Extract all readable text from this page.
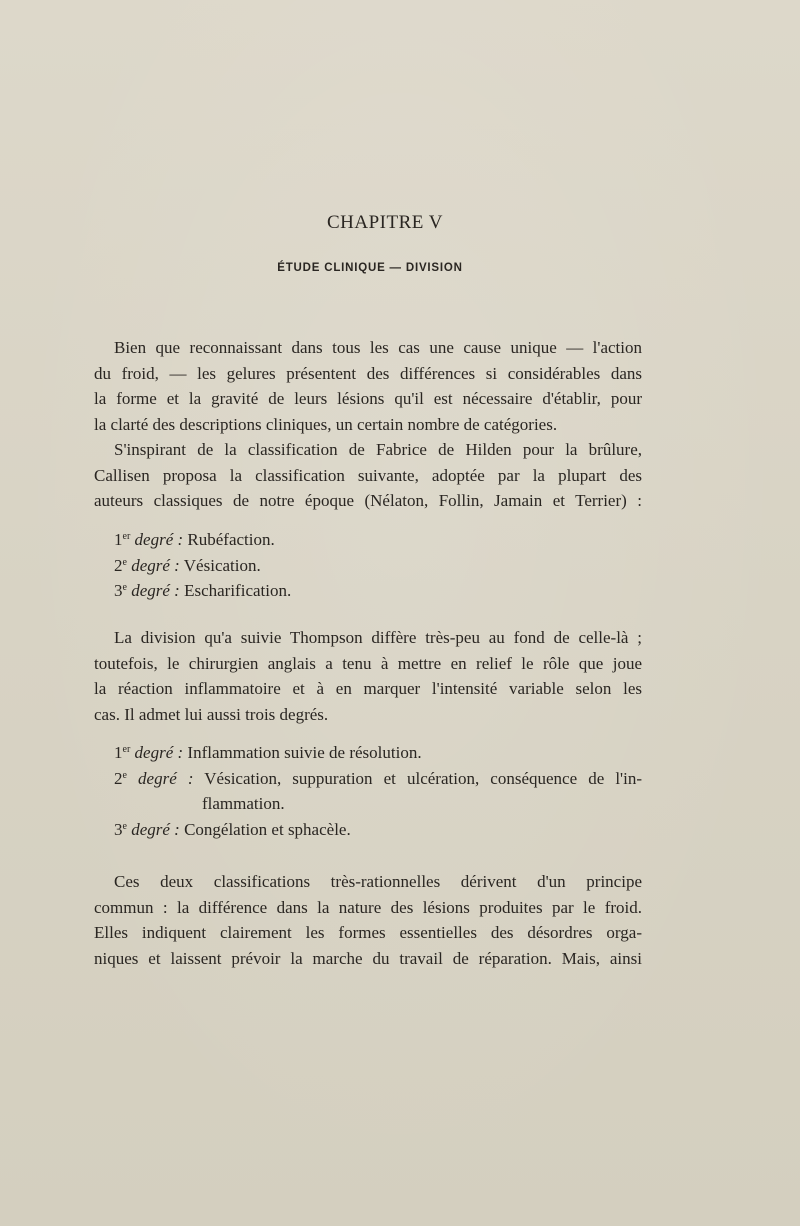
CHAPITRE V
ÉTUDE CLINIQUE — DIVISION
Bien que reconnaissant dans tous les cas une cause unique — l'action
du froid, — les gelures présentent des différences si considérables dans
la forme et la gravité de leurs lésions qu'il est nécessaire d'établir, pour
la clarté des descriptions cliniques, un certain nombre de catégories.
S'inspirant de la classification de Fabrice de Hilden pour la brûlure,
Callisen proposa la classification suivante, adoptée par la plupart des
auteurs classiques de notre époque (Nélaton, Follin, Jamain et Terrier) :
1er degré : Rubéfaction.
2e degré : Vésication.
3e degré : Escharification.
La division qu'a suivie Thompson diffère très-peu au fond de celle-là ;
toutefois, le chirurgien anglais a tenu à mettre en relief le rôle que joue
la réaction inflammatoire et à en marquer l'intensité variable selon les
cas. Il admet lui aussi trois degrés.
1er degré : Inflammation suivie de résolution.
2e degré : Vésication, suppuration et ulcération, conséquence de l'in-
flammation.
3e degré : Congélation et sphacèle.
Ces deux classifications très-rationnelles dérivent d'un principe
commun : la différence dans la nature des lésions produites par le froid.
Elles indiquent clairement les formes essentielles des désordres orga-
niques et laissent prévoir la marche du travail de réparation. Mais, ainsi
